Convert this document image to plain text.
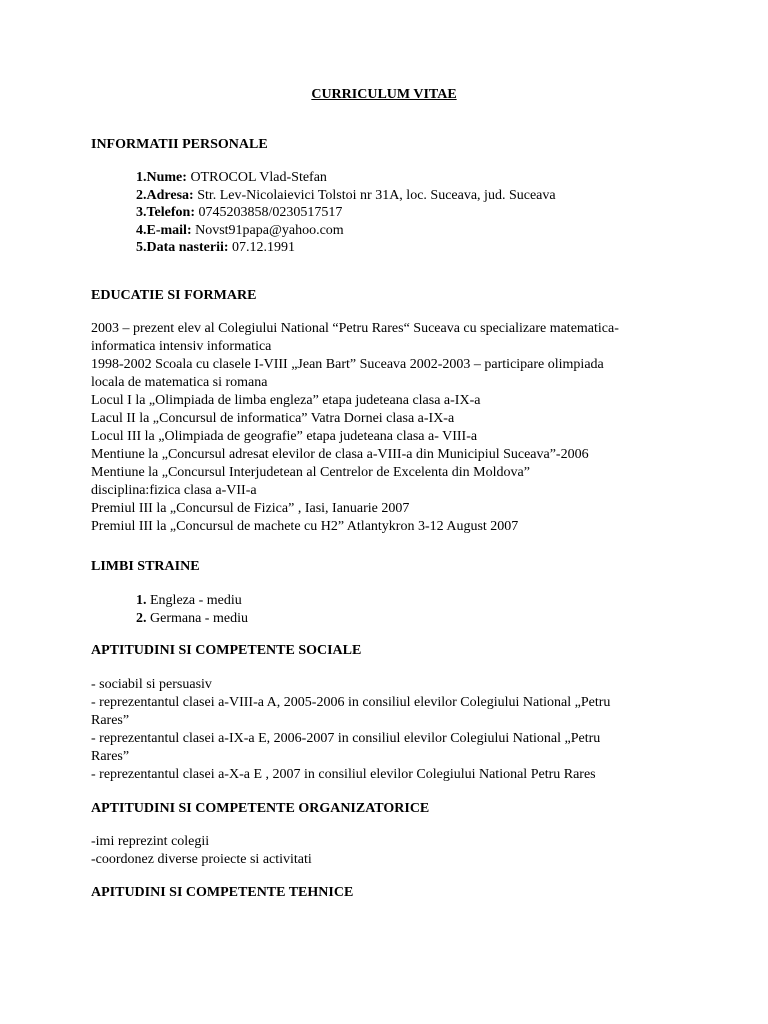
CURRICULUM VITAE
INFORMATII PERSONALE
1.Nume: OTROCOL Vlad-Stefan
2.Adresa: Str. Lev-Nicolaievici Tolstoi nr 31A, loc. Suceava, jud. Suceava
3.Telefon: 0745203858/0230517517
4.E-mail: Novst91papa@yahoo.com
5.Data nasterii: 07.12.1991
EDUCATIE SI FORMARE
2003 – prezent elev al Colegiului National “Petru Rares“ Suceava cu specializare matematica-
informatica intensiv informatica
1998-2002 Scoala cu clasele I-VIII „Jean Bart” Suceava 2002-2003 – participare olimpiada
locala de matematica si romana
Locul I la „Olimpiada de limba engleza” etapa judeteana clasa a-IX-a
Lacul II la „Concursul de informatica” Vatra Dornei clasa a-IX-a
Locul III la „Olimpiada de geografie” etapa judeteana clasa a- VIII-a
Mentiune la „Concursul adresat elevilor de clasa a-VIII-a din Municipiul Suceava”-2006
Mentiune la „Concursul Interjudetean al Centrelor de Excelenta din Moldova”
disciplina:fizica clasa a-VII-a
Premiul III la „Concursul de Fizica” , Iasi, Ianuarie 2007
Premiul III la „Concursul de machete cu H2” Atlantykron 3-12 August 2007
LIMBI STRAINE
1. Engleza - mediu
2. Germana - mediu
APTITUDINI SI COMPETENTE SOCIALE
- sociabil si persuasiv
- reprezentantul clasei a-VIII-a A, 2005-2006 in consiliul elevilor Colegiului National „Petru
Rares”
- reprezentantul clasei a-IX-a E, 2006-2007 in consiliul elevilor Colegiului National „Petru
Rares”
- reprezentantul clasei a-X-a E , 2007 in consiliul elevilor Colegiului National Petru Rares
APTITUDINI SI COMPETENTE ORGANIZATORICE
-imi reprezint colegii
-coordonez diverse proiecte si activitati
APITUDINI SI COMPETENTE TEHNICE
